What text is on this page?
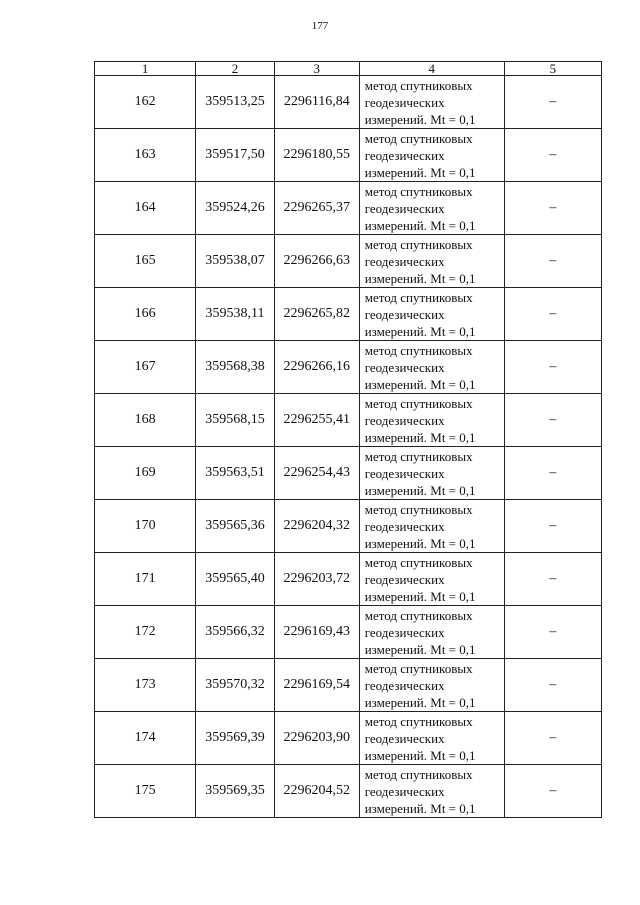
177
1	2	3	4	5
162	359513,25	2296116,84	метод спутниковых
геодезических
измерений. Mt = 0,1	–
163	359517,50	2296180,55	метод спутниковых
геодезических
измерений. Mt = 0,1	–
164	359524,26	2296265,37	метод спутниковых
геодезических
измерений. Mt = 0,1	–
165	359538,07	2296266,63	метод спутниковых
геодезических
измерений. Mt = 0,1	–
166	359538,11	2296265,82	метод спутниковых
геодезических
измерений. Mt = 0,1	–
167	359568,38	2296266,16	метод спутниковых
геодезических
измерений. Mt = 0,1	–
168	359568,15	2296255,41	метод спутниковых
геодезических
измерений. Mt = 0,1	–
169	359563,51	2296254,43	метод спутниковых
геодезических
измерений. Mt = 0,1	–
170	359565,36	2296204,32	метод спутниковых
геодезических
измерений. Mt = 0,1	–
171	359565,40	2296203,72	метод спутниковых
геодезических
измерений. Mt = 0,1	–
172	359566,32	2296169,43	метод спутниковых
геодезических
измерений. Mt = 0,1	–
173	359570,32	2296169,54	метод спутниковых
геодезических
измерений. Mt = 0,1	–
174	359569,39	2296203,90	метод спутниковых
геодезических
измерений. Mt = 0,1	–
175	359569,35	2296204,52	метод спутниковых
геодезических
измерений. Mt = 0,1	–
